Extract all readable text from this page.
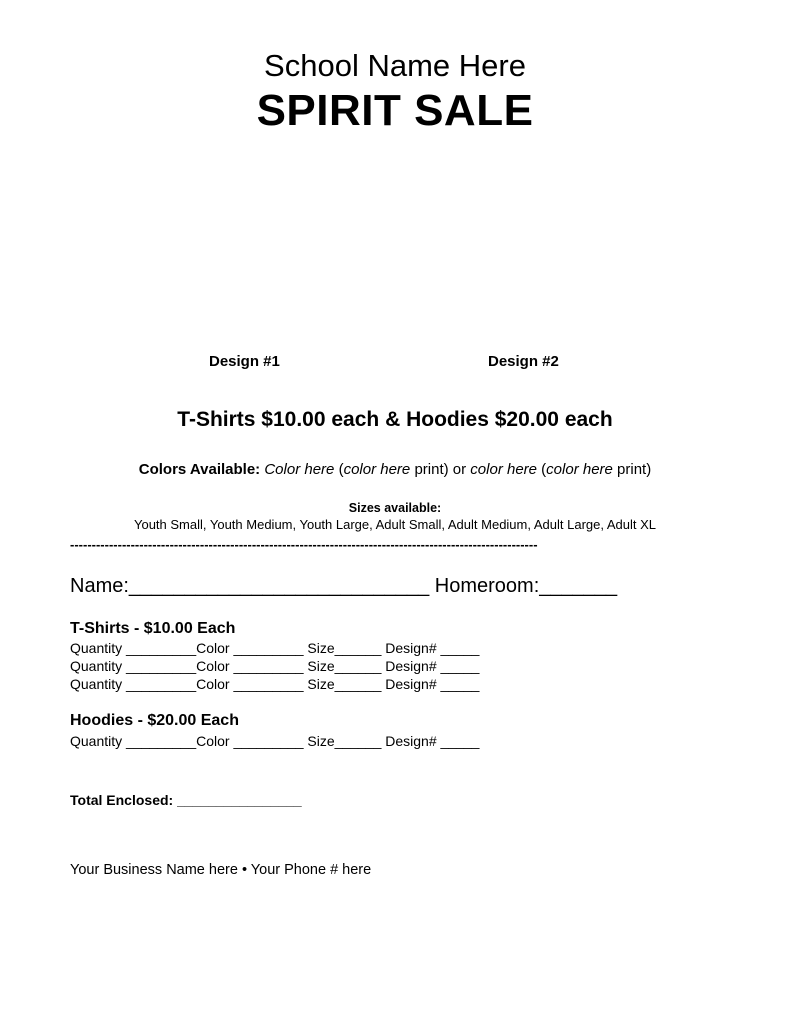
School Name Here
SPIRIT SALE
Design #1	Design #2
T-Shirts $10.00 each & Hoodies $20.00 each
Colors Available: Color here (color here print) or color here (color here print)
Sizes available:
Youth Small, Youth Medium, Youth Large, Adult Small, Adult Medium, Adult Large, Adult XL
------------------------------------------------------------------------------------------------------------
Name:___________________________ Homeroom:_______
T-Shirts - $10.00 Each
Quantity _________Color _________ Size______ Design# _____
Quantity _________Color _________ Size______ Design# _____
Quantity _________Color _________ Size______ Design# _____
Hoodies - $20.00 Each
Quantity _________Color _________ Size______ Design# _____
Total Enclosed: ________________
Your Business Name here • Your Phone # here
